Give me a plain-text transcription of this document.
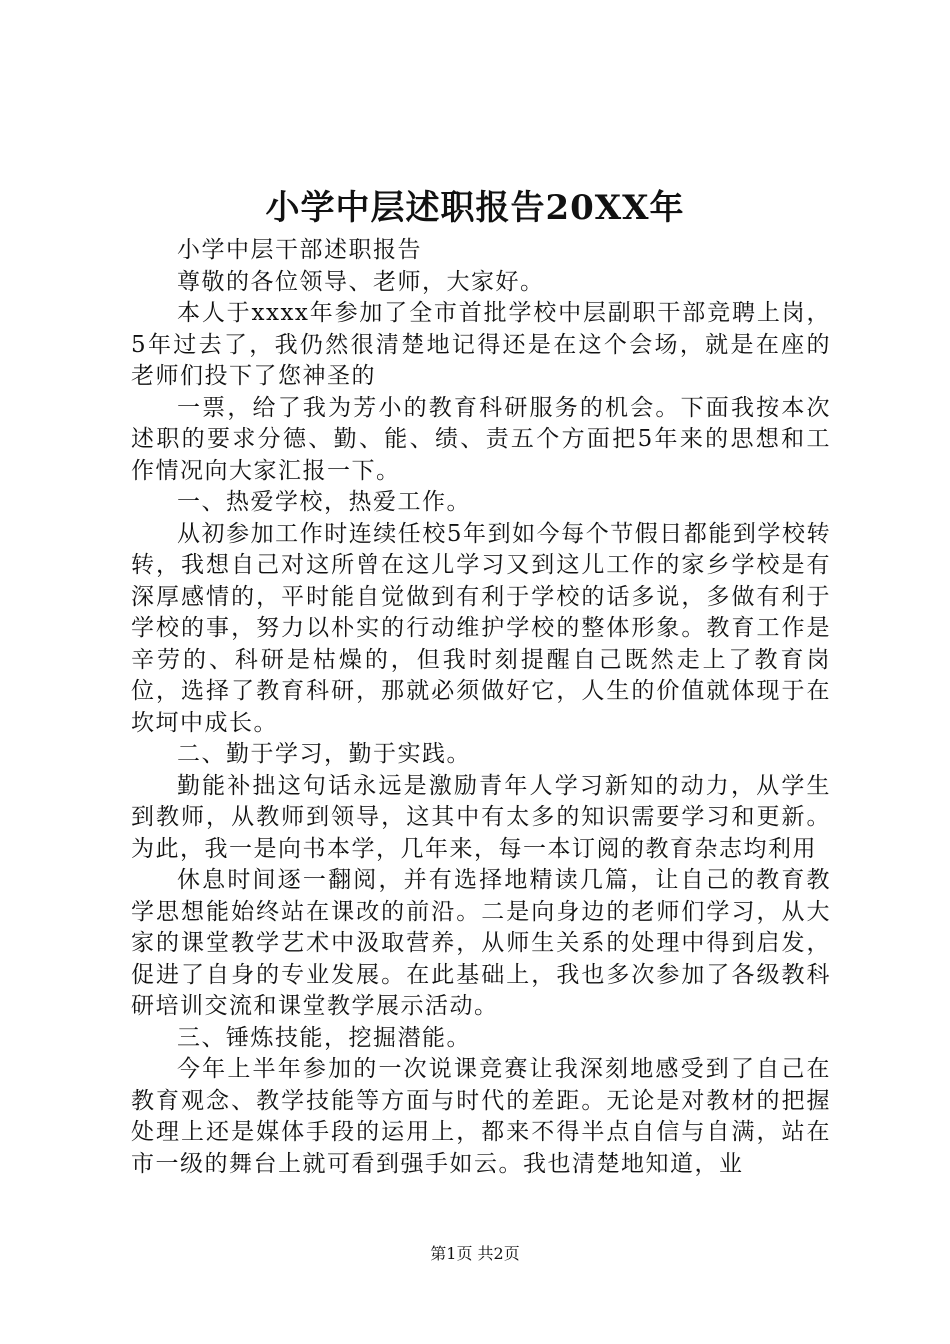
小学中层述职报告20XX年

小学中层干部述职报告

尊敬的各位领导、老师，大家好。

本人于xxxx年参加了全市首批学校中层副职干部竞聘上岗，5年过去了，我仍然很清楚地记得还是在这个会场，就是在座的老师们投下了您神圣的

一票，给了我为芳小的教育科研服务的机会。下面我按本次述职的要求分德、勤、能、绩、责五个方面把5年来的思想和工作情况向大家汇报一下。

一、热爱学校，热爱工作。

从初参加工作时连续任校5年到如今每个节假日都能到学校转转，我想自己对这所曾在这儿学习又到这儿工作的家乡学校是有深厚感情的，平时能自觉做到有利于学校的话多说，多做有利于学校的事，努力以朴实的行动维护学校的整体形象。教育工作是辛劳的、科研是枯燥的，但我时刻提醒自己既然走上了教育岗位，选择了教育科研，那就必须做好它，人生的价值就体现于在坎坷中成长。

二、勤于学习，勤于实践。

勤能补拙这句话永远是激励青年人学习新知的动力，从学生到教师，从教师到领导，这其中有太多的知识需要学习和更新。为此，我一是向书本学，几年来，每一本订阅的教育杂志均利用

休息时间逐一翻阅，并有选择地精读几篇，让自己的教育教学思想能始终站在课改的前沿。二是向身边的老师们学习，从大家的课堂教学艺术中汲取营养，从师生关系的处理中得到启发，促进了自身的专业发展。在此基础上，我也多次参加了各级教科研培训交流和课堂教学展示活动。

三、锤炼技能，挖掘潜能。

今年上半年参加的一次说课竞赛让我深刻地感受到了自己在教育观念、教学技能等方面与时代的差距。无论是对教材的把握处理上还是媒体手段的运用上，都来不得半点自信与自满，站在市一级的舞台上就可看到强手如云。我也清楚地知道，业

第1页 共2页
